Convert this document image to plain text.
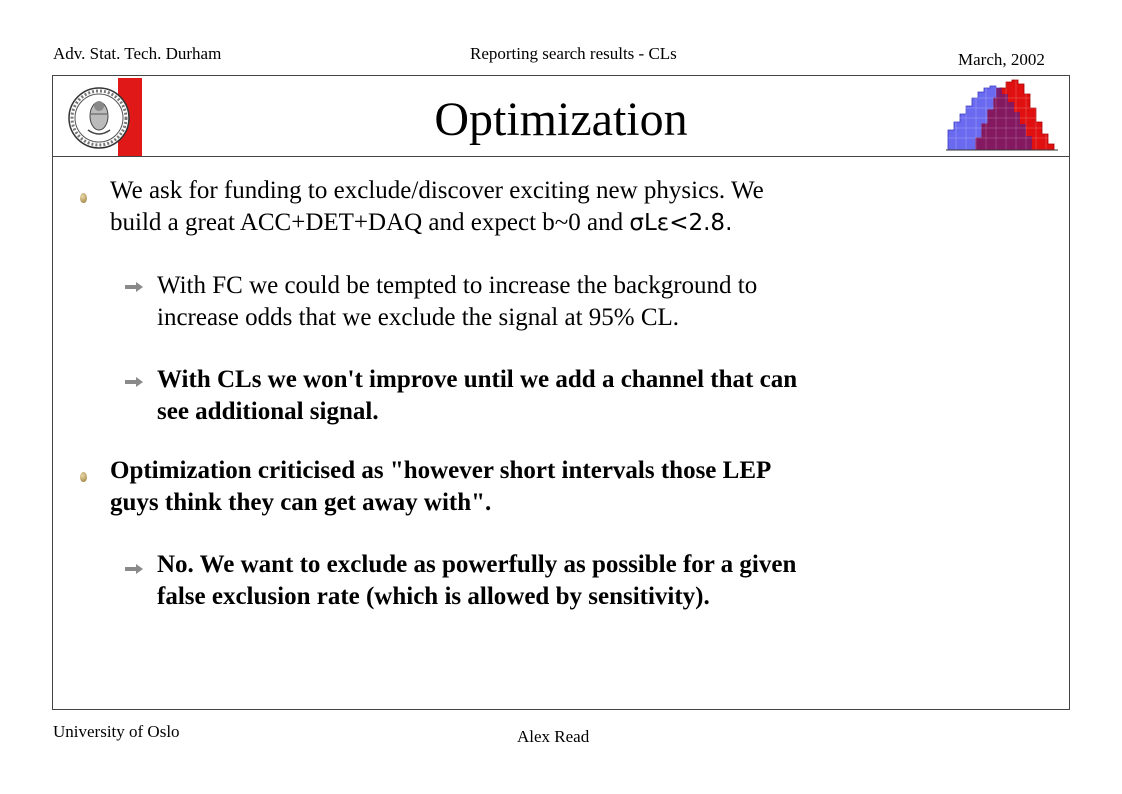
Adv. Stat. Tech. Durham	Reporting search results - CLs	March, 2002
Optimization
We ask for funding to exclude/discover exciting new physics. We
build a great ACC+DET+DAQ and expect b~0 and σLε<2.8.
With FC we could be tempted to increase the background to
increase odds that we exclude the signal at 95% CL.
With CLs we won't improve until we add a channel that can
see additional signal.
Optimization criticised as "however short intervals those LEP
guys think they can get away with".
No. We want to exclude as powerfully as possible for a given
false exclusion rate (which is allowed by sensitivity).
University of Oslo	Alex Read
